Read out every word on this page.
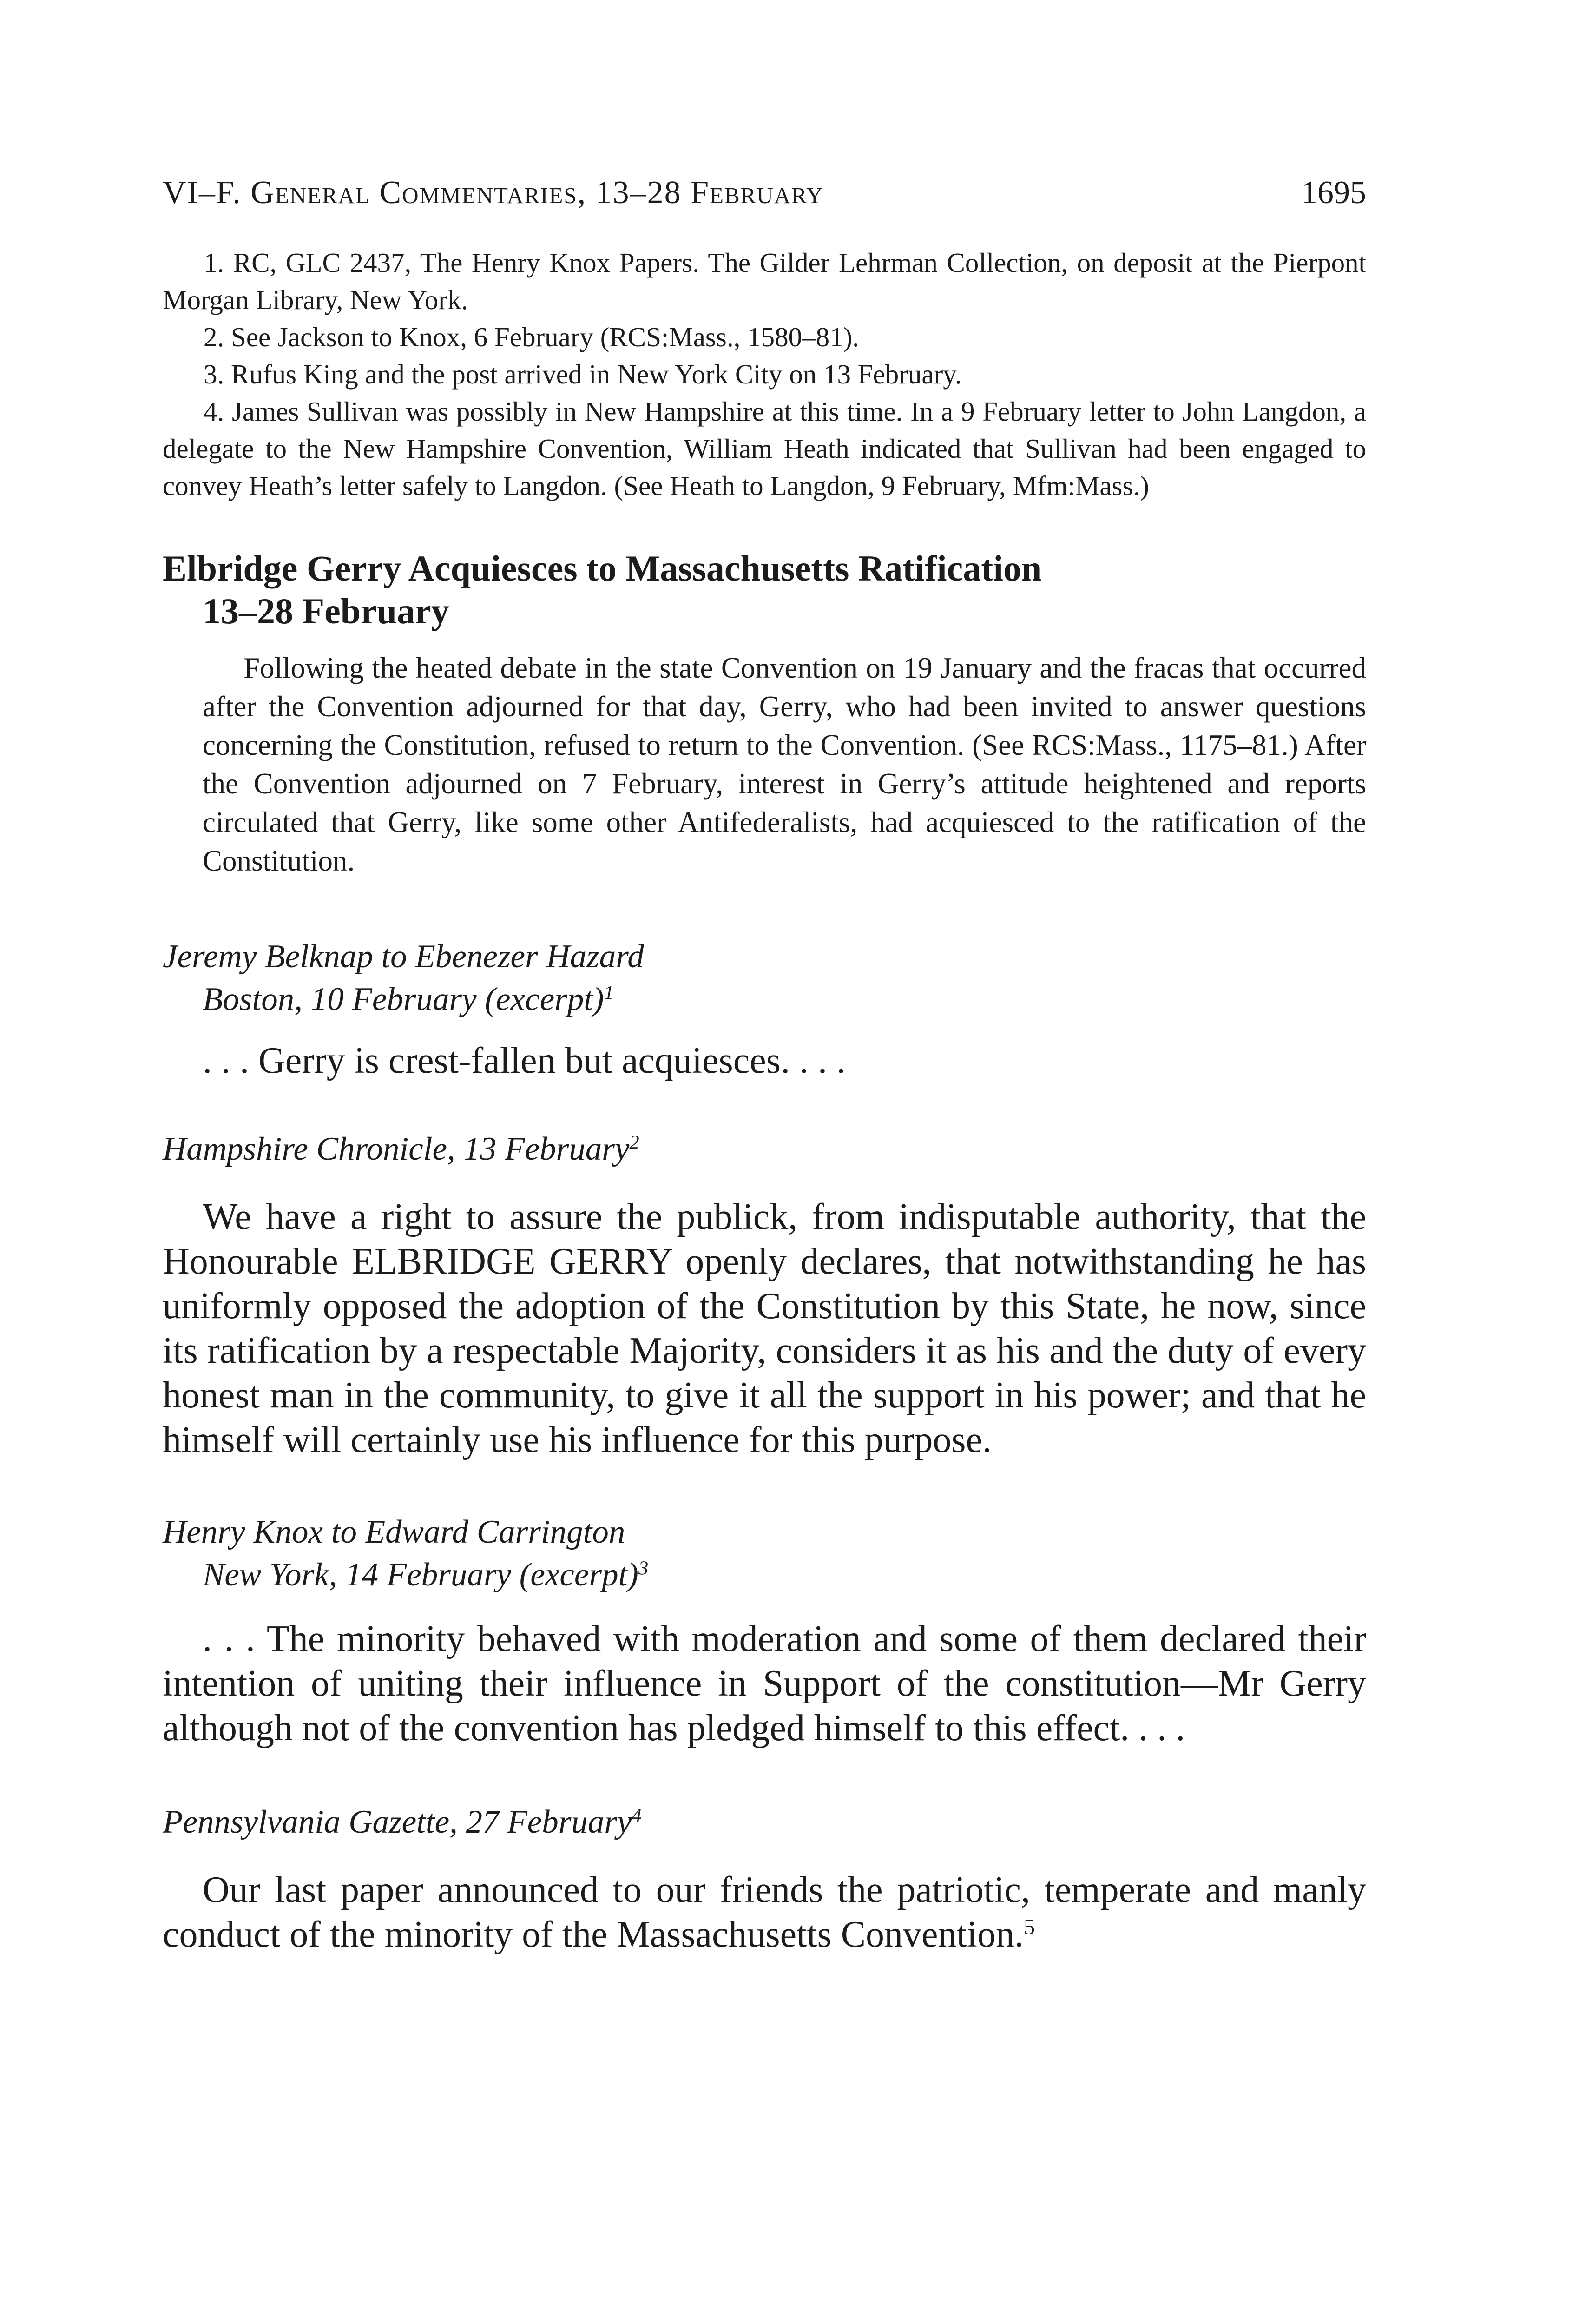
VI–F. General Commentaries, 13–28 February	1695

1. RC, GLC 2437, The Henry Knox Papers. The Gilder Lehrman Collection, on deposit at the Pierpont Morgan Library, New York.

2. See Jackson to Knox, 6 February (RCS:Mass., 1580–81).

3. Rufus King and the post arrived in New York City on 13 February.

4. James Sullivan was possibly in New Hampshire at this time. In a 9 February letter to John Langdon, a delegate to the New Hampshire Convention, William Heath indicated that Sullivan had been engaged to convey Heath’s letter safely to Langdon. (See Heath to Langdon, 9 February, Mfm:Mass.)

Elbridge Gerry Acquiesces to Massachusetts Ratification
13–28 February

Following the heated debate in the state Convention on 19 January and the fracas that occurred after the Convention adjourned for that day, Gerry, who had been invited to answer questions concerning the Constitution, refused to return to the Convention. (See RCS:Mass., 1175–81.) After the Convention adjourned on 7 February, interest in Gerry’s attitude heightened and reports circulated that Gerry, like some other Antifederalists, had acquiesced to the ratification of the Constitution.

Jeremy Belknap to Ebenezer Hazard
Boston, 10 February (excerpt)$^1$

. . . Gerry is crest-fallen but acquiesces. . . .

Hampshire Chronicle, 13 February$^2$

We have a right to assure the publick, from indisputable authority, that the Honourable ELBRIDGE GERRY openly declares, that notwithstanding he has uniformly opposed the adoption of the Constitution by this State, he now, since its ratification by a respectable Majority, considers it as his and the duty of every honest man in the community, to give it all the support in his power; and that he himself will certainly use his influence for this purpose.

Henry Knox to Edward Carrington
New York, 14 February (excerpt)$^3$

. . . The minority behaved with moderation and some of them declared their intention of uniting their influence in Support of the constitution—Mr Gerry although not of the convention has pledged himself to this effect. . . .

Pennsylvania Gazette, 27 February$^4$

Our last paper announced to our friends the patriotic, temperate and manly conduct of the minority of the Massachusetts Convention.$^5$
